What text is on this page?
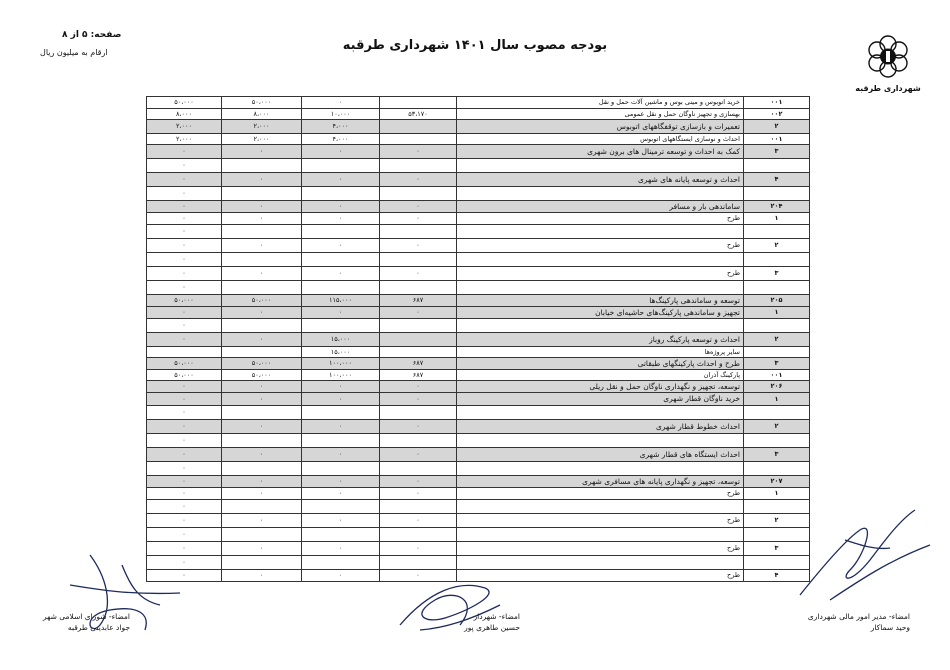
صفحه: ۵ از ۸
ارقام به میلیون ریال	بودجه مصوب سال ۱۴۰۱ شهرداری طرقبه
شهرداری طرقبه
۵۰،۰۰۰	۵۰،۰۰۰	۰		خرید اتوبوس و مینی بوس و ماشین آلات حمل و نقل	۰۰۱
۸،۰۰۰	۸،۰۰۰	۱۰،۰۰۰	۵۳،۱۷۰	بهسازی و تجهیز ناوگان حمل و نقل عمومی	۰۰۲
۲،۰۰۰	۲،۰۰۰	۴،۰۰۰		تعمیرات و بازسازی توقفگاههای اتوبوس	۲
۲،۰۰۰	۲،۰۰۰	۴،۰۰۰		احداث و نوسازی ایستگاههای اتوبوس	۰۰۱
۰	۰	۰	۰	کمک به احداث و توسعه ترمینال های برون شهری	۳
۰					
۰	۰	۰	۰	احداث و توسعه پایانه های شهری	۴
۰					
۰	۰	۰	۰	ساماندهی بار و مسافر	۲۰۴
۰	۰	۰	۰	طرح	۱
۰					
۰	۰	۰	۰	طرح	۲
۰					
۰	۰	۰	۰	طرح	۳
۰					
۵۰،۰۰۰	۵۰،۰۰۰	۱۱۵،۰۰۰	۶۸۷	توسعه و ساماندهی پارکینگ‌ها	۲۰۵
۰	۰	۰	۰	تجهیز و ساماندهی پارکینگ‌های حاشیه‌ای خیابان	۱
۰					
۰	۰	۱۵،۰۰۰		احداث و توسعه پارکینگ روباز	۲
		۱۵،۰۰۰		سایر پروژه‌ها	
۵۰،۰۰۰	۵۰،۰۰۰	۱۰۰،۰۰۰	۶۸۷	طرح و احداث پارکینگهای طبقاتی	۳
۵۰،۰۰۰	۵۰،۰۰۰	۱۰۰،۰۰۰	۶۸۷	پارکینگ آذران	۰۰۱
۰	۰	۰	۰	توسعه، تجهیز و نگهداری ناوگان حمل و نقل ریلی	۲۰۶
۰	۰	۰	۰	خرید ناوگان قطار شهری	۱
۰					
۰	۰	۰	۰	احداث خطوط قطار شهری	۲
۰					
۰	۰	۰	۰	احداث ایستگاه های قطار شهری	۳
۰					
۰	۰	۰	۰	توسعه، تجهیز و نگهداری پایانه های مسافری شهری	۲۰۷
۰	۰	۰	۰	طرح	۱
۰					
۰	۰	۰	۰	طرح	۲
۰					
۰	۰	۰	۰	طرح	۳
۰					
۰	۰	۰	۰	طرح	۴
امضاء- مدیر امور مالی شهرداری
وحید سماکار
امضاء- شهردار
حسین طاهری پور
امضاء- شورای اسلامی شهر
جواد عابدینی طرقبه
